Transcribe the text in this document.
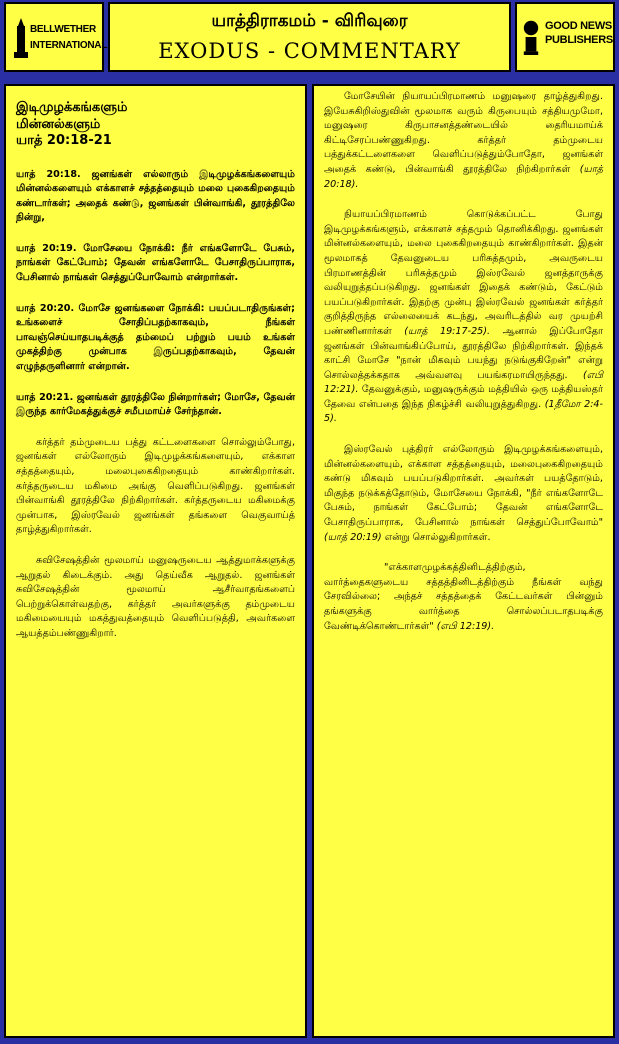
BELLWETHER
INTERNATIONAL
யாத்திராகமம் - விரிவுரை
EXODUS - COMMENTARY
GOOD NEWS
PUBLISHERS
இடிமுழக்கங்களும்
மின்னல்களும்
யாத் 20:18-21

யாத் 20:18. ஜனங்கள் எல்லாரும் இடிமுழக்கங்களையும் மின்னல்களையும் எக்காளச் சத்தத்தையும் மலை புகைகிறதையும் கண்டார்கள்; அதைக் கண்டு, ஜனங்கள் பின்வாங்கி, தூரத்திலே நின்று,

யாத் 20:19. மோசேயை நோக்கி: நீர் எங்களோடே பேசும், நாங்கள் கேட்போம்; தேவன் எங்களோடே பேசாதிருப்பாராக, பேசினால் நாங்கள் செத்துப்போவோம் என்றார்கள்.

யாத் 20:20. மோசே ஜனங்களை நோக்கி: பயப்படாதிருங்கள்; உங்களைச் சோதிப்பதற்காகவும், நீங்கள் பாவஞ்செய்யாதபடிக்குத் தம்மைப் பற்றும் பயம் உங்கள் முகத்திற்கு முன்பாக இருப்பதற்காகவும், தேவன் எழுந்தருளினார் என்றான்.

யாத் 20:21. ஜனங்கள் தூரத்திலே நின்றார்கள்; மோசே, தேவன் இருந்த கார்மேகத்துக்குச் சமீபமாய்ச் சேர்ந்தான்.

கர்த்தர் தம்முடைய பத்து கட்டளைகளை சொல்லும்போது, ஜனங்கள் எல்லோரும் இடிமுழக்கங்களையும், எக்காள சத்தத்தையும், மலைபுகைகிறதையும் காண்கிறார்கள். கர்த்தருடைய மகிமை அங்கு வெளிப்படுகிறது. ஜனங்கள் பின்வாங்கி தூரத்திலே நிற்கிறார்கள். கர்த்தருடைய மகிமைக்கு முன்பாக, இஸ்ரவேல் ஜனங்கள் தங்களை வெகுவாய்த் தாழ்த்துகிறார்கள்.

சுவிசேஷத்தின் மூலமாய் மனுஷருடைய ஆத்துமாக்களுக்கு ஆறுதல் கிடைக்கும். அது தெய்வீக ஆறுதல். ஜனங்கள் சுவிசேஷத்தின் மூலமாய் ஆசீர்வாதங்களைப் பெற்றுக்கொள்வதற்கு, கர்த்தர் அவர்களுக்கு தம்முடைய மகிமையையும் மகத்துவத்தையும் வெளிப்படுத்தி, அவர்களை ஆயத்தம்பண்ணுகிறார்.

மோசேயின் நியாயப்பிரமாணம் மனுஷரை தாழ்த்துகிறது. இயேசுகிறிஸ்துவின் மூலமாக வரும் கிருபையும் சத்தியமுமோ, மனுஷரை கிருபாசனத்தண்டையில் தைரியமாய்க் கிட்டிசேரப்பண்ணுகிறது. கர்த்தர் தம்முடைய பத்துக்கட்டளைகளை வெளிப்படுத்தும்போதோ, ஜனங்கள் அதைக் கண்டு, பின்வாங்கி தூரத்திலே நிற்கிறார்கள் (யாத் 20:18).

நியாயப்பிரமாணம் கொடுக்கப்பட்ட போது இடிமுழக்கங்களும், எக்காளச் சத்தமும் தொனிக்கிறது. ஜனங்கள் மின்னல்களையும், மலை புகைகிறதையும் காண்கிறார்கள். இதன் மூலமாகத் தேவனுடைய பரிசுத்தமும், அவருடைய பிரமாணத்தின் பரிசுத்தமும் இஸ்ரவேல் ஜனத்தாருக்கு வலியுறுத்தப்படுகிறது. ஜனங்கள் இதைக் கண்டும், கேட்டும் பயப்படுகிறார்கள். இதற்கு முன்பு இஸ்ரவேல் ஜனங்கள் கர்த்தர் குறித்திருந்த எல்லையைக் கடந்து, அவரிடத்தில் வர முயற்சி பண்ணினார்கள் (யாத் 19:17-25). ஆனால் இப்போதோ ஜனங்கள் பின்வாங்கிப்போய், தூரத்திலே நிற்கிறார்கள். இந்தக் காட்சி மோசே "நான் மிகவும் பயந்து நடுங்குகிறேன்" என்று சொல்லத்தக்கதாக அவ்வளவு பயங்கரமாயிருந்தது. (எபி 12:21). தேவனுக்கும், மனுஷருக்கும் மத்தியில் ஒரு மத்தியஸ்தர் தேவை என்பதை இந்த நிகழ்ச்சி வலியுறுத்துகிறது. (1தீமோ 2:4-5).

இஸ்ரவேல் புத்திரர் எல்லோரும் இடிமுழக்கங்களையும், மின்னல்களையும், எக்காள சத்தத்தையும், மலைபுகைகிறதையும் கண்டு மிகவும் பயப்படுகிறார்கள். அவர்கள் பயத்தோடும், மிகுந்த நடுக்கத்தோடும், மோசேயை நோக்கி, "நீர் எங்களோடே பேசும், நாங்கள் கேட்போம்; தேவன் எங்களோடே பேசாதிருப்பாராக, பேசினால் நாங்கள் செத்துப்போவோம்" (யாத் 20:19) என்று சொல்லுகிறார்கள்.

"எக்காளமுழக்கத்தினிடத்திற்கும், வார்த்தைகளுடைய சத்தத்தினிடத்திற்கும் நீங்கள் வந்து சேரவில்லை; அந்தச் சத்தத்தைக் கேட்டவர்கள் பின்னும் தங்களுக்கு வார்த்தை சொல்லப்படாதபடிக்கு வேண்டிக்கொண்டார்கள்" (எபி 12:19).
